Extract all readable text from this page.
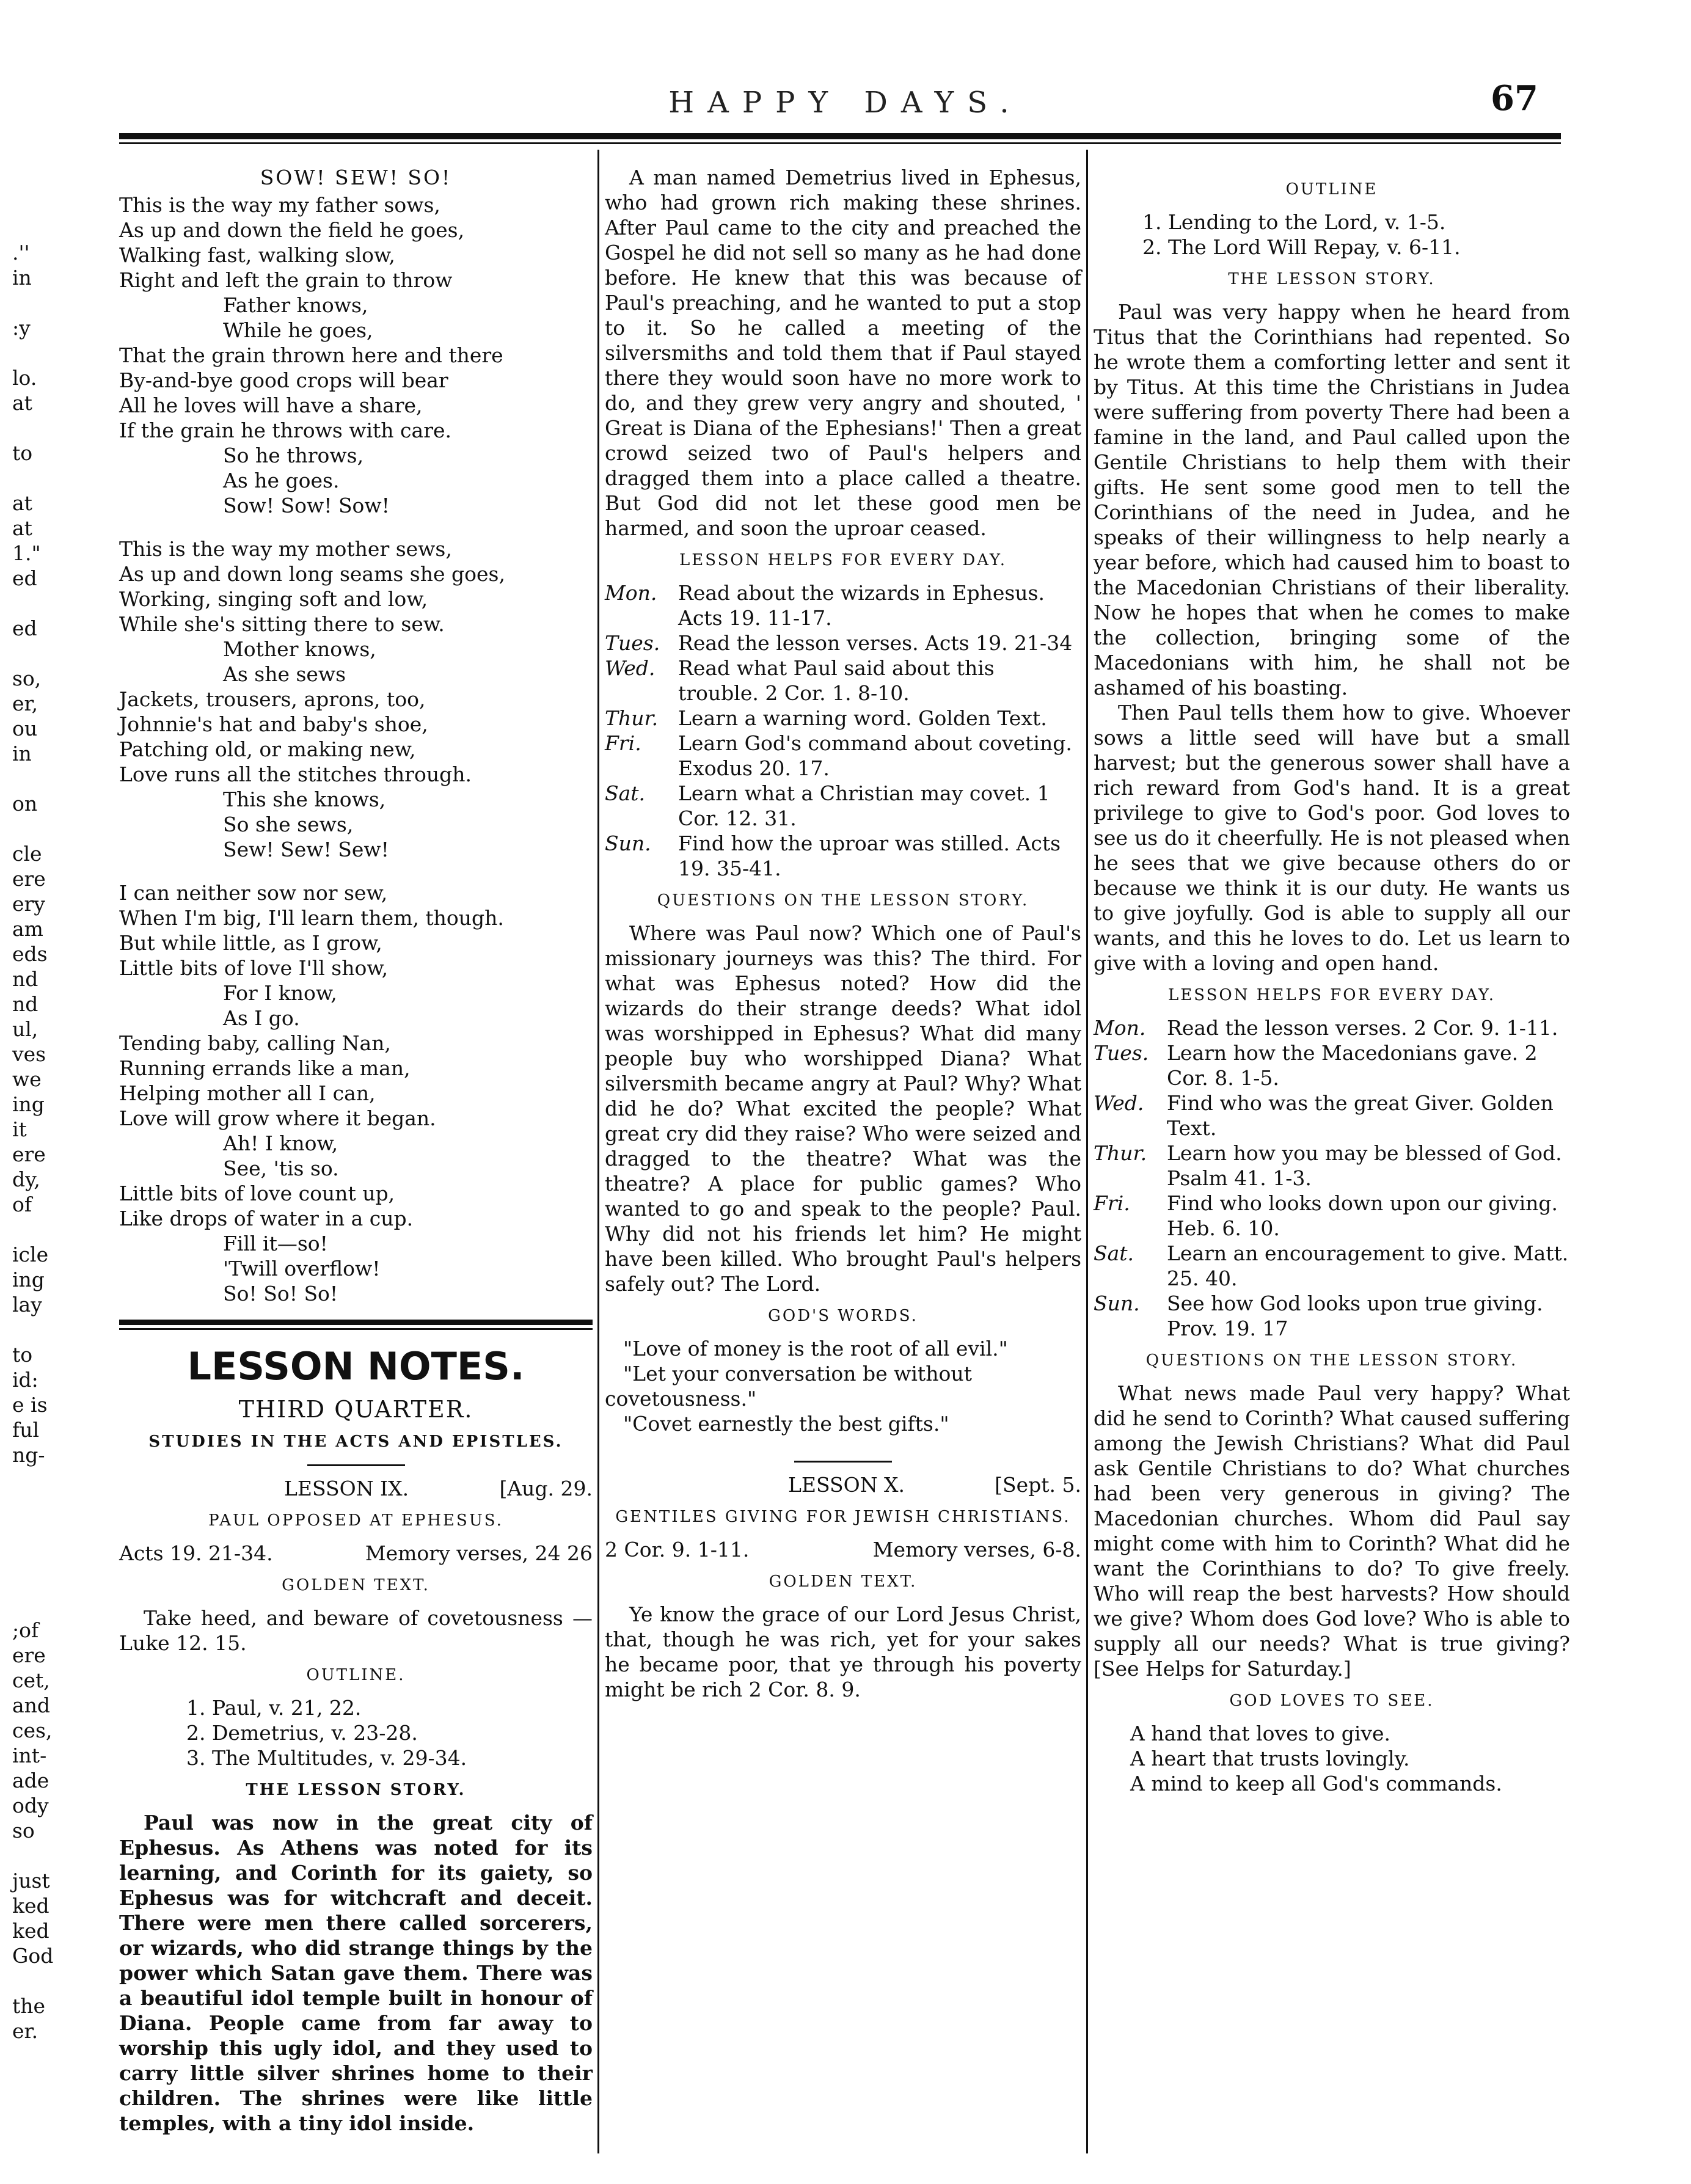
HAPPY DAYS.	67
.''
in
:y
lo.
at
to
at
at
1."
ed
ed
so,
er,
ou
in
on
cle
ere
ery
am
eds
nd
nd
ul,
ves
we
ing
it
ere
dy,
of
icle
ing
lay
to
id:
e is
ful
ng-
;of
ere
cet,
and
ces,
int-
ade
ody
so
just
ked
ked
God
the
er.
SOW! SEW! SO!
This is the way my father sows,
As up and down the field he goes,
Walking fast, walking slow,
Right and left the grain to throw
Father knows,
While he goes,
That the grain thrown here and there
By-and-bye good crops will bear
All he loves will have a share,
If the grain he throws with care.
So he throws,
As he goes.
Sow! Sow! Sow!
This is the way my mother sews,
As up and down long seams she goes,
Working, singing soft and low,
While she's sitting there to sew.
Mother knows,
As she sews
Jackets, trousers, aprons, too,
Johnnie's hat and baby's shoe,
Patching old, or making new,
Love runs all the stitches through.
This she knows,
So she sews,
Sew! Sew! Sew!
I can neither sow nor sew,
When I'm big, I'll learn them, though.
But while little, as I grow,
Little bits of love I'll show,
For I know,
As I go.
Tending baby, calling Nan,
Running errands like a man,
Helping mother all I can,
Love will grow where it began.
Ah! I know,
See, 'tis so.
Little bits of love count up,
Like drops of water in a cup.
Fill it—so!
'Twill overflow!
So! So! So!
LESSON NOTES.
THIRD QUARTER.
STUDIES IN THE ACTS AND EPISTLES.
LESSON IX.	[Aug. 29.
PAUL OPPOSED AT EPHESUS.
Acts 19. 21-34.	Memory verses, 24 26
GOLDEN TEXT.

Take heed, and beware of covetousness —Luke 12. 15.

OUTLINE.
1. Paul, v. 21, 22.
2. Demetrius, v. 23-28.
3. The Multitudes, v. 29-34.
THE LESSON STORY.

Paul was now in the great city of Ephesus. As Athens was noted for its learning, and Corinth for its gaiety, so Ephesus was for witchcraft and deceit. There were men there called sorcerers, or wizards, who did strange things by the power which Satan gave them. There was a beautiful idol temple built in honour of Diana. People came from far away to worship this ugly idol, and they used to carry little silver shrines home to their children. The shrines were like little temples, with a tiny idol inside.

A man named Demetrius lived in Ephesus, who had grown rich making these shrines. After Paul came to the city and preached the Gospel he did not sell so many as he had done before. He knew that this was because of Paul's preaching, and he wanted to put a stop to it. So he called a meeting of the silversmiths and told them that if Paul stayed there they would soon have no more work to do, and they grew very angry and shouted, ' Great is Diana of the Ephesians!' Then a great crowd seized two of Paul's helpers and dragged them into a place called a theatre. But God did not let these good men be harmed, and soon the uproar ceased.

LESSON HELPS FOR EVERY DAY.
Mon.	Read about the wizards in Ephesus. Acts 19. 11-17.
Tues. Read the lesson verses. Acts 19. 21-34
Wed.	Read what Paul said about this trouble. 2 Cor. 1. 8-10.
Thur. Learn a warning word. Golden Text.
Fri.	Learn God's command about coveting. Exodus 20. 17.
Sat.	Learn what a Christian may covet. 1 Cor. 12. 31.
Sun.	Find how the uproar was stilled. Acts 19. 35-41.
QUESTIONS ON THE LESSON STORY.

Where was Paul now? Which one of Paul's missionary journeys was this? The third. For what was Ephesus noted? How did the wizards do their strange deeds? What idol was worshipped in Ephesus? What did many people buy who worshipped Diana? What silversmith became angry at Paul? Why? What did he do? What excited the people? What great cry did they raise? Who were seized and dragged to the theatre? What was the theatre? A place for public games? Who wanted to go and speak to the people? Paul. Why did not his friends let him? He might have been killed. Who brought Paul's helpers safely out? The Lord.

GOD'S WORDS.
"Love of money is the root of all evil."
"Let your conversation be without covetousness."
"Covet earnestly the best gifts."
LESSON X.	[Sept. 5.
GENTILES GIVING FOR JEWISH CHRISTIANS.
2 Cor. 9. 1-11.	Memory verses, 6-8.
GOLDEN TEXT.

Ye know the grace of our Lord Jesus Christ, that, though he was rich, yet for your sakes he became poor, that ye through his poverty might be rich 2 Cor. 8. 9.

OUTLINE
1. Lending to the Lord, v. 1-5.
2. The Lord Will Repay, v. 6-11.
THE LESSON STORY.

Paul was very happy when he heard from Titus that the Corinthians had repented. So he wrote them a comforting letter and sent it by Titus. At this time the Christians in Judea were suffering from poverty There had been a famine in the land, and Paul called upon the Gentile Christians to help them with their gifts. He sent some good men to tell the Corinthians of the need in Judea, and he speaks of their willingness to help nearly a year before, which had caused him to boast to the Macedonian Christians of their liberality. Now he hopes that when he comes to make the collection, bringing some of the Macedonians with him, he shall not be ashamed of his boasting.

Then Paul tells them how to give. Whoever sows a little seed will have but a small harvest; but the generous sower shall have a rich reward from God's hand. It is a great privilege to give to God's poor. God loves to see us do it cheerfully. He is not pleased when he sees that we give because others do or because we think it is our duty. He wants us to give joyfully. God is able to supply all our wants, and this he loves to do. Let us learn to give with a loving and open hand.

LESSON HELPS FOR EVERY DAY.
Mon.	Read the lesson verses. 2 Cor. 9. 1-11.
Tues. Learn how the Macedonians gave. 2 Cor. 8. 1-5.
Wed.	Find who was the great Giver. Golden Text.
Thur. Learn how you may be blessed of God. Psalm 41. 1-3.
Fri.	Find who looks down upon our giving. Heb. 6. 10.
Sat.	Learn an encouragement to give. Matt. 25. 40.
Sun.	See how God looks upon true giving. Prov. 19. 17
QUESTIONS ON THE LESSON STORY.

What news made Paul very happy? What did he send to Corinth? What caused suffering among the Jewish Christians? What did Paul ask Gentile Christians to do? What churches had been very generous in giving? The Macedonian churches. Whom did Paul say might come with him to Corinth? What did he want the Corinthians to do? To give freely. Who will reap the best harvests? How should we give? Whom does God love? Who is able to supply all our needs? What is true giving? [See Helps for Saturday.]

GOD LOVES TO SEE.
A hand that loves to give.
A heart that trusts lovingly.
A mind to keep all God's commands.
